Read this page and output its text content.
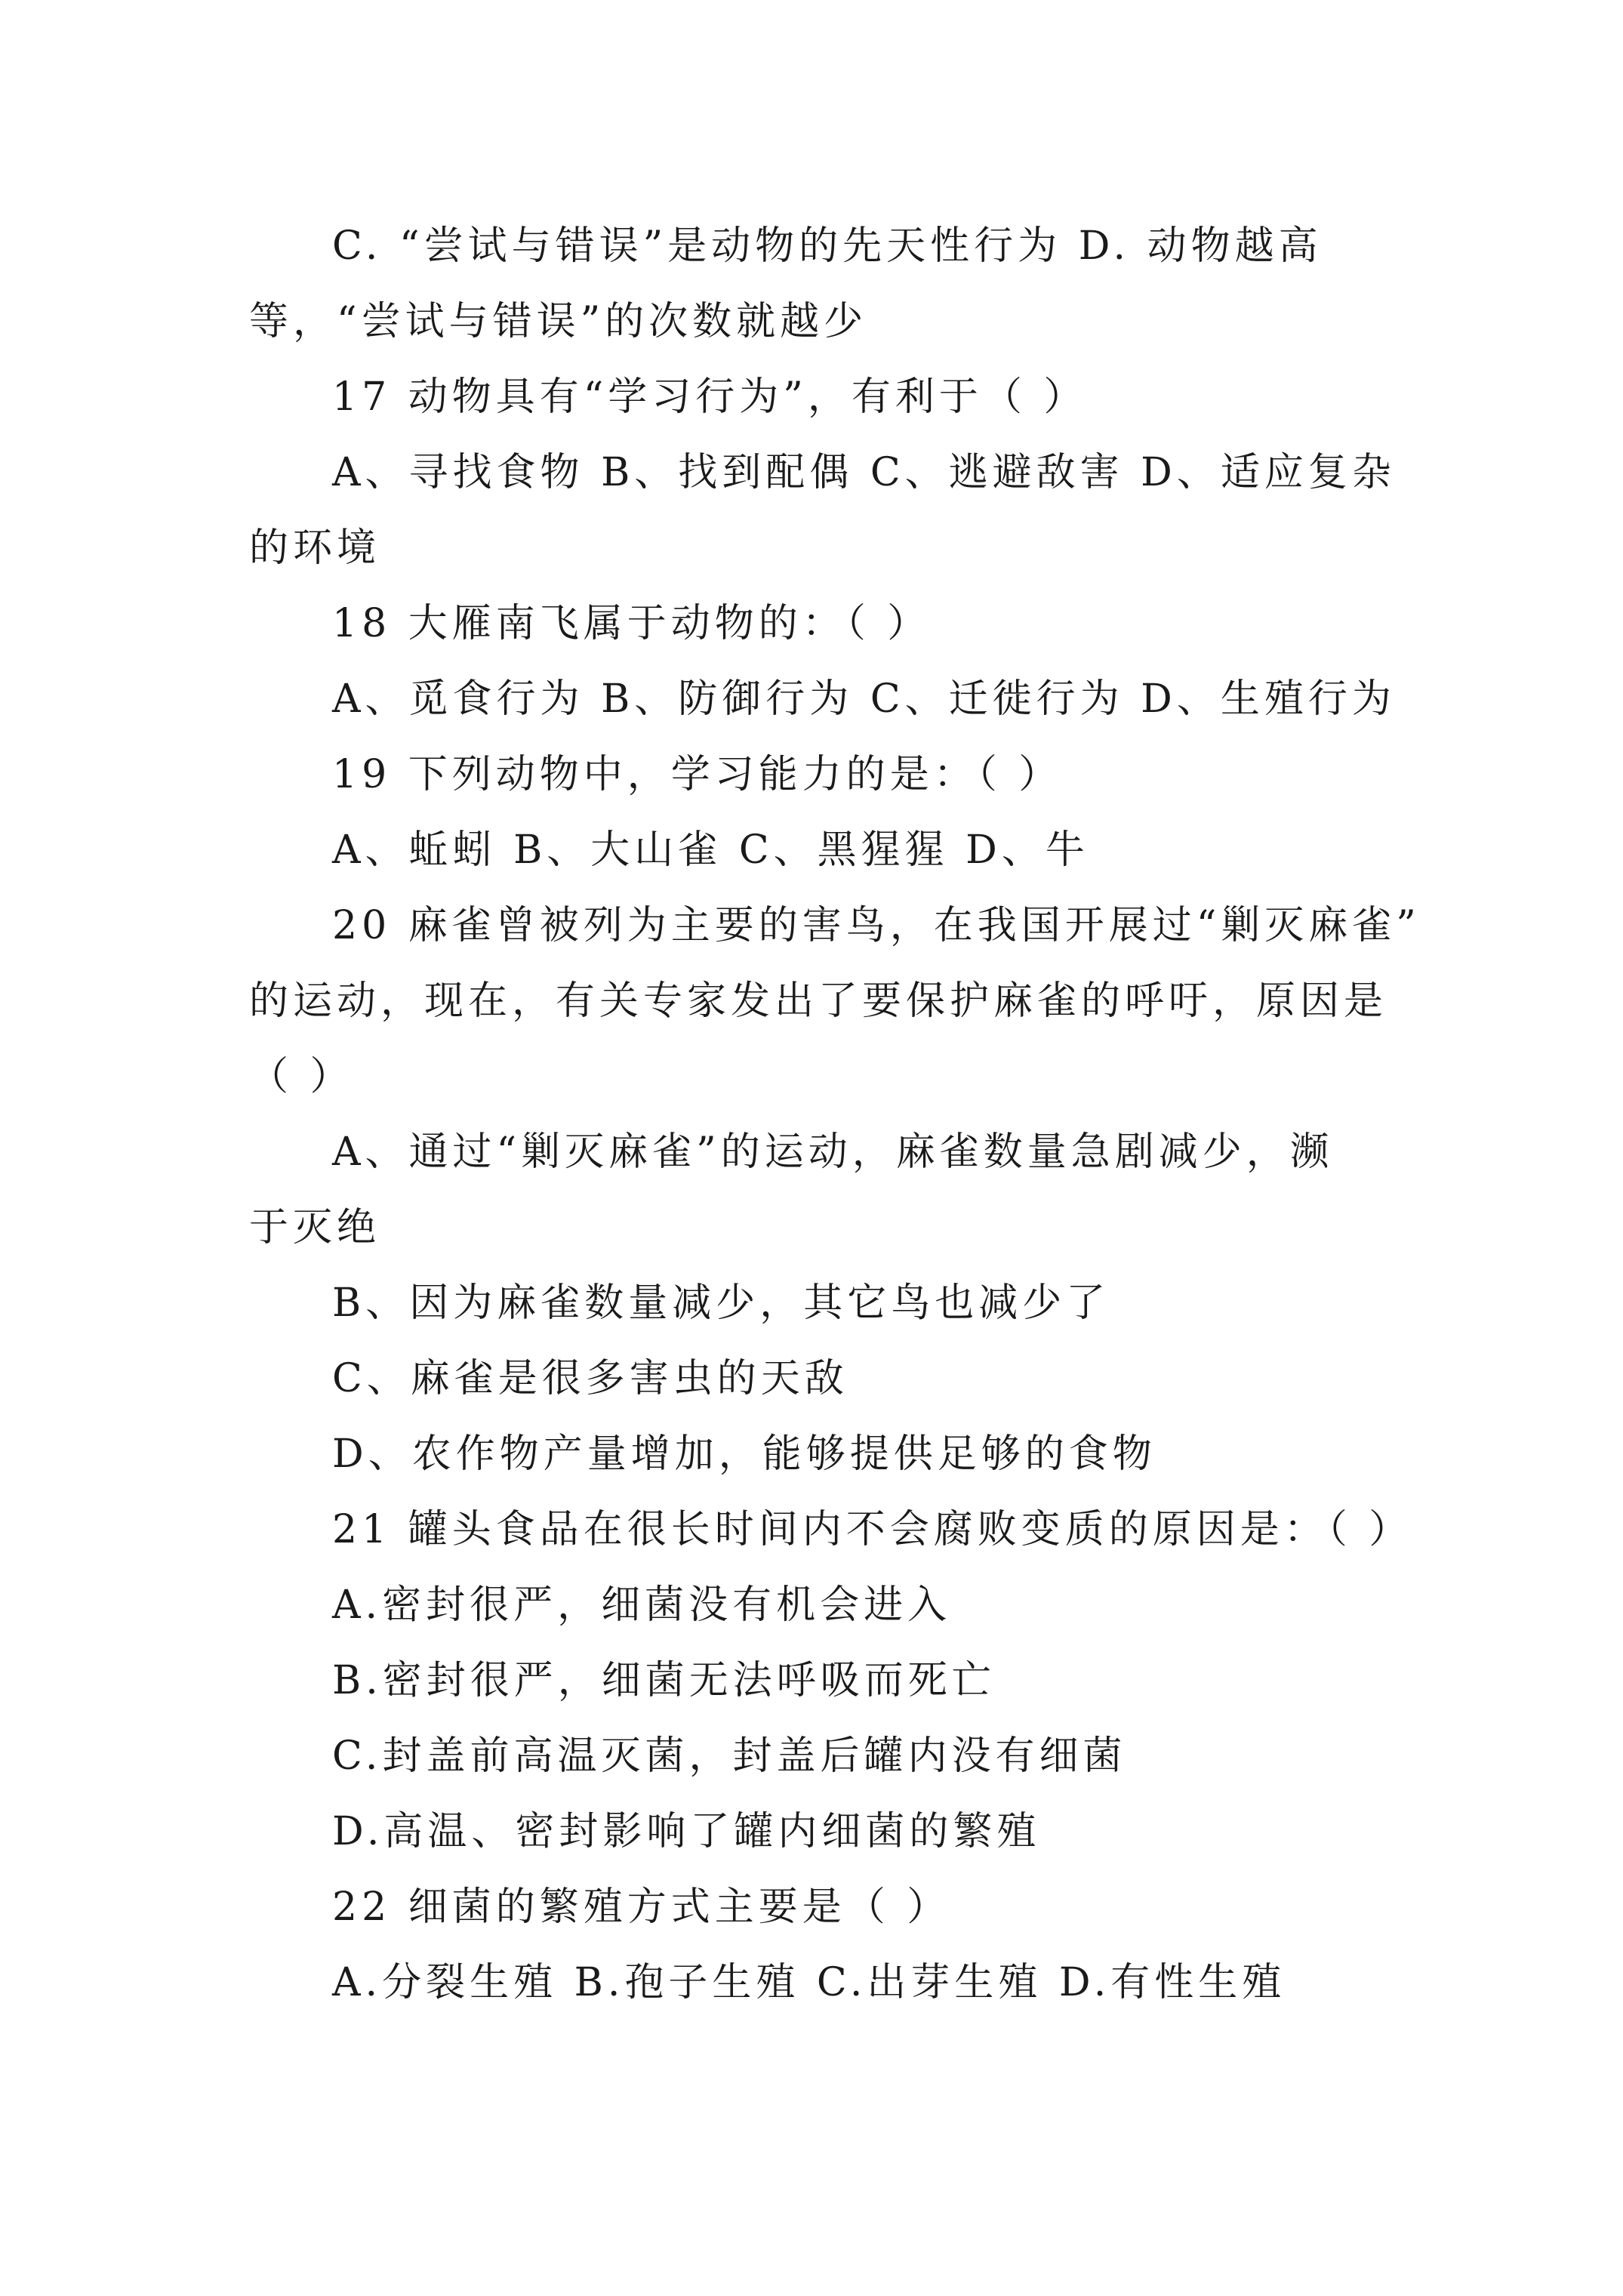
C. “尝试与错误”是动物的先天性行为 D. 动物越高

等，“尝试与错误”的次数就越少

17 动物具有“学习行为”，有利于（ ）

A、寻找食物 B、找到配偶 C、逃避敌害 D、适应复杂

的环境

18 大雁南飞属于动物的：（ ）

A、觅食行为 B、防御行为 C、迁徙行为 D、生殖行为

19 下列动物中，学习能力的是：（ ）

A、蚯蚓 B、大山雀 C、黑猩猩 D、牛

20 麻雀曾被列为主要的害鸟，在我国开展过“剿灭麻雀”

的运动，现在，有关专家发出了要保护麻雀的呼吁，原因是

（ ）

A、通过“剿灭麻雀”的运动，麻雀数量急剧减少，濒

于灭绝

B、因为麻雀数量减少，其它鸟也减少了

C、麻雀是很多害虫的天敌

D、农作物产量增加，能够提供足够的食物

21 罐头食品在很长时间内不会腐败变质的原因是：（ ）

A.密封很严，细菌没有机会进入

B.密封很严，细菌无法呼吸而死亡

C.封盖前高温灭菌，封盖后罐内没有细菌

D.高温、密封影响了罐内细菌的繁殖

22 细菌的繁殖方式主要是（ ）

A.分裂生殖 B.孢子生殖 C.出芽生殖 D.有性生殖
